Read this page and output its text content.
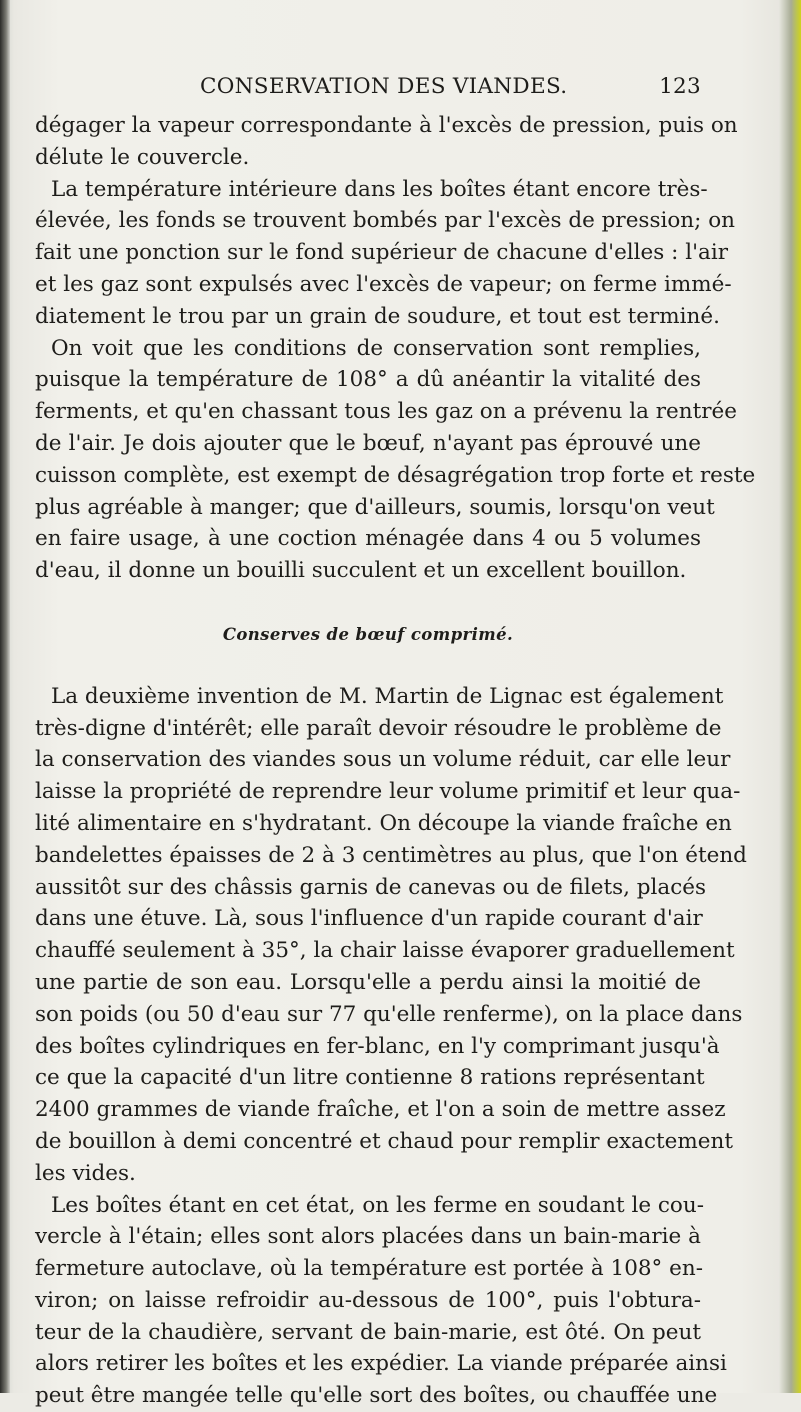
CONSERVATION DES VIANDES.	123
dégager la vapeur correspondante à l'excès de pression, puis on
délute le couvercle.
La température intérieure dans les boîtes étant encore très-
élevée, les fonds se trouvent bombés par l'excès de pression; on
fait une ponction sur le fond supérieur de chacune d'elles : l'air
et les gaz sont expulsés avec l'excès de vapeur; on ferme immé-
diatement le trou par un grain de soudure, et tout est terminé.
On voit que les conditions de conservation sont remplies,
puisque la température de 108° a dû anéantir la vitalité des
ferments, et qu'en chassant tous les gaz on a prévenu la rentrée
de l'air. Je dois ajouter que le bœuf, n'ayant pas éprouvé une
cuisson complète, est exempt de désagrégation trop forte et reste
plus agréable à manger; que d'ailleurs, soumis, lorsqu'on veut
en faire usage, à une coction ménagée dans 4 ou 5 volumes
d'eau, il donne un bouilli succulent et un excellent bouillon.
Conserves de bœuf comprimé.
La deuxième invention de M. Martin de Lignac est également
très-digne d'intérêt; elle paraît devoir résoudre le problème de
la conservation des viandes sous un volume réduit, car elle leur
laisse la propriété de reprendre leur volume primitif et leur qua-
lité alimentaire en s'hydratant. On découpe la viande fraîche en
bandelettes épaisses de 2 à 3 centimètres au plus, que l'on étend
aussitôt sur des châssis garnis de canevas ou de filets, placés
dans une étuve. Là, sous l'influence d'un rapide courant d'air
chauffé seulement à 35°, la chair laisse évaporer graduellement
une partie de son eau. Lorsqu'elle a perdu ainsi la moitié de
son poids (ou 50 d'eau sur 77 qu'elle renferme), on la place dans
des boîtes cylindriques en fer-blanc, en l'y comprimant jusqu'à
ce que la capacité d'un litre contienne 8 rations représentant
2400 grammes de viande fraîche, et l'on a soin de mettre assez
de bouillon à demi concentré et chaud pour remplir exactement
les vides.
Les boîtes étant en cet état, on les ferme en soudant le cou-
vercle à l'étain; elles sont alors placées dans un bain-marie à
fermeture autoclave, où la température est portée à 108° en-
viron; on laisse refroidir au-dessous de 100°, puis l'obtura-
teur de la chaudière, servant de bain-marie, est ôté. On peut
alors retirer les boîtes et les expédier. La viande préparée ainsi
peut être mangée telle qu'elle sort des boîtes, ou chauffée une
